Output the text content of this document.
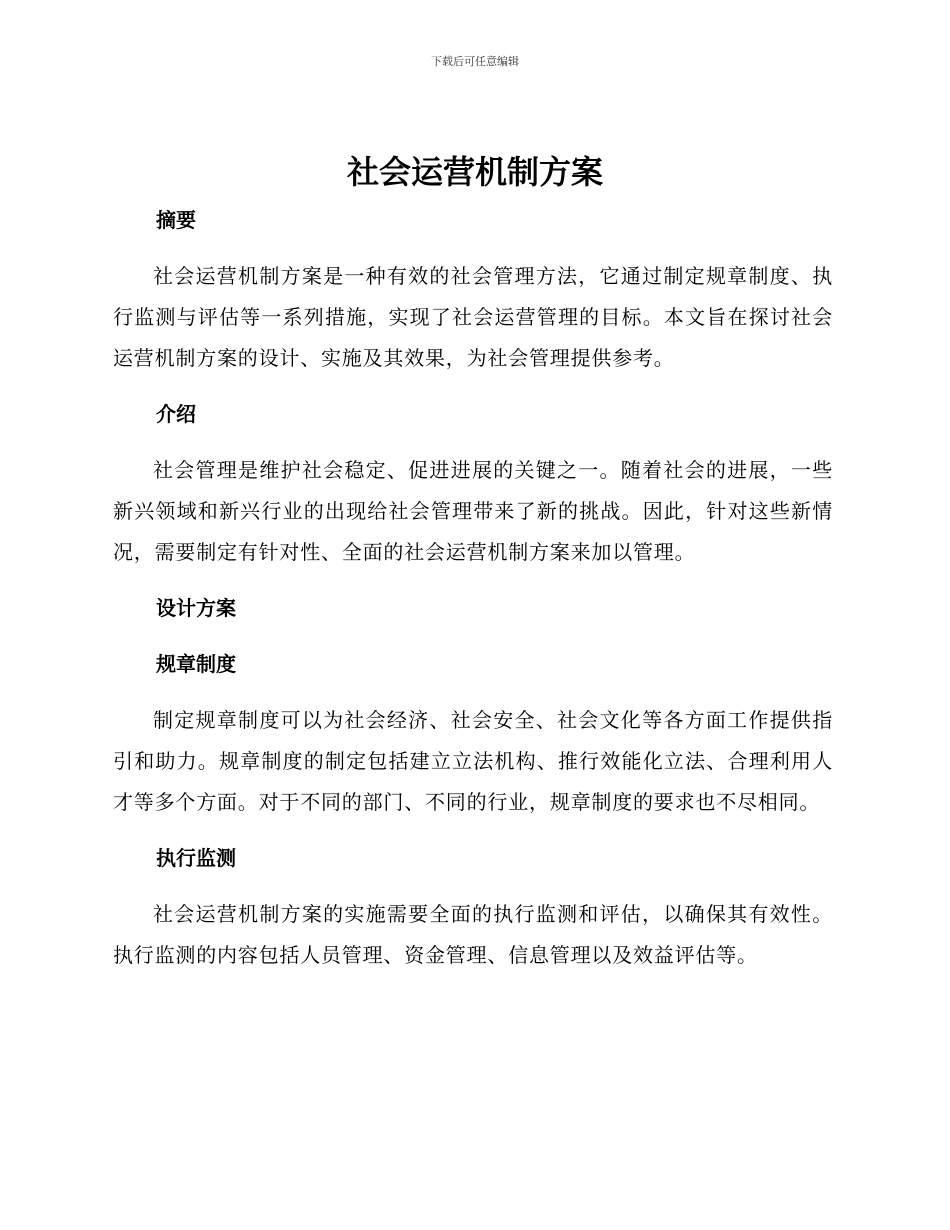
下载后可任意编辑
社会运营机制方案
摘要

社会运营机制方案是一种有效的社会管理方法，它通过制定规章制度、执行监测与评估等一系列措施，实现了社会运营管理的目标。本文旨在探讨社会运营机制方案的设计、实施及其效果，为社会管理提供参考。

介绍

社会管理是维护社会稳定、促进进展的关键之一。随着社会的进展，一些新兴领域和新兴行业的出现给社会管理带来了新的挑战。因此，针对这些新情况，需要制定有针对性、全面的社会运营机制方案来加以管理。

设计方案
规章制度

制定规章制度可以为社会经济、社会安全、社会文化等各方面工作提供指引和助力。规章制度的制定包括建立立法机构、推行效能化立法、合理利用人才等多个方面。对于不同的部门、不同的行业，规章制度的要求也不尽相同。

执行监测

社会运营机制方案的实施需要全面的执行监测和评估，以确保其有效性。执行监测的内容包括人员管理、资金管理、信息管理以及效益评估等。
